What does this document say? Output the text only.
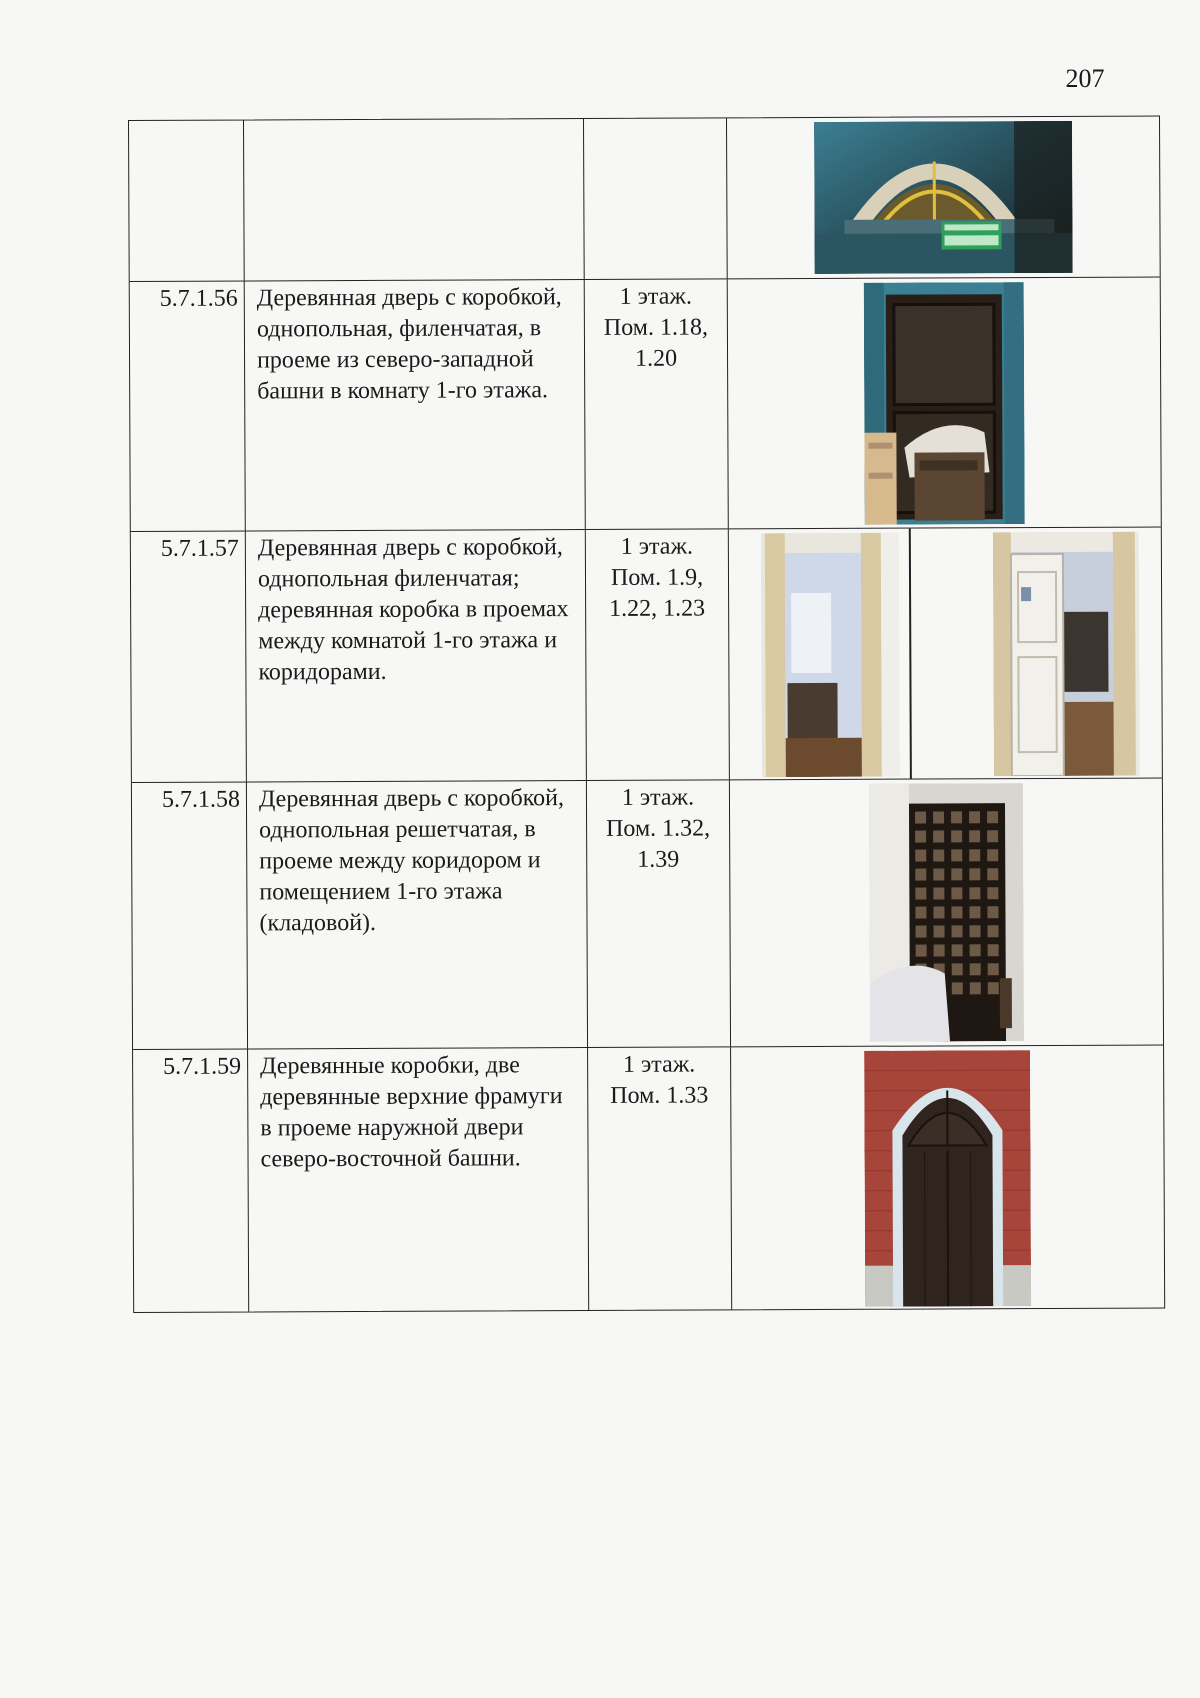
207
5.7.1.56 Деревянная дверь с коробкой, однопольная, филенчатая, в проеме из северо-западной башни в комнату 1-го этажа.
1 этаж.
Пом. 1.18,
1.20
5.7.1.57 Деревянная дверь с коробкой, однопольная филенчатая; деревянная коробка в проемах между комнатой 1-го этажа и коридорами.
1 этаж.
Пом. 1.9,
1.22, 1.23
5.7.1.58 Деревянная дверь с коробкой, однопольная решетчатая, в проеме между коридором и помещением 1-го этажа (кладовой).
1 этаж.
Пом. 1.32,
1.39
5.7.1.59 Деревянные коробки, две деревянные верхние фрамуги в проеме наружной двери северо-восточной башни.
1 этаж.
Пом. 1.33
